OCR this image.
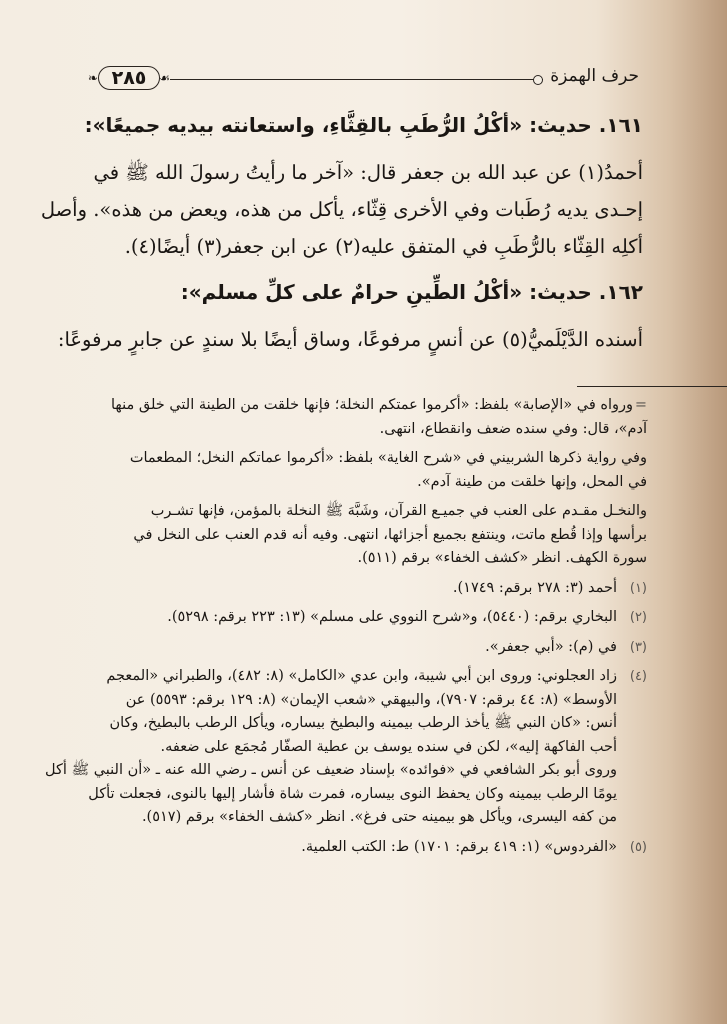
حرف الهمزة
❧	☙
٢٨٥
١٦١. حديث: «أكْلُ الرُّطَبِ بالقِثَّاءِ، واستعانته بيديه جميعًا»:

أحمدُ(١) عن عبد الله بن جعفر قال: «آخر ما رأيتُ رسولَ الله ﷺ في
إحـدى يديه رُطَبات وفي الأخرى قِثّاء، يأكل من هذه، ويعض من هذه». وأصل
أكلِه القِثّاء بالرُّطَبِ في المتفق عليه(٢) عن ابن جعفر(٣) أيضًا(٤).

١٦٢. حديث: «أكْلُ الطِّينِ حرامٌ على كلِّ مسلم»:

أسنده الدَّيْلَميُّ(٥) عن أنسٍ مرفوعًا، وساق أيضًا بلا سندٍ عن جابرٍ مرفوعًا:

=ورواه في «الإصابة» بلفظ: «أكرموا عمتكم النخلة؛ فإنها خلقت من الطينة التي خلق منها
آدم»، قال: وفي سنده ضعف وانقطاع، انتهى.
وفي رواية ذكرها الشربيني في «شرح الغاية» بلفظ: «أكرموا عماتكم النخل؛ المطعمات
في المحل، وإنها خلقت من طينة آدم».
والنخـل مقـدم على العنب في جميـع القرآن، وشَبَّهَ ﷺ النخلة بالمؤمن، فإنها تشـرب
برأسها وإذا قُطع ماتت، وينتفع بجميع أجزائها، انتهى. وفيه أنه قدم العنب على النخل في
سورة الكهف. انظر «كشف الخفاء» برقم (٥١١).
(١)
أحمد (٣: ٢٧٨ برقم: ١٧٤٩).
(٢)
البخاري برقم: (٥٤٤٠)، و«شرح النووي على مسلم» (١٣: ٢٢٣ برقم: ٥٢٩٨).
(٣)
في (م): «أبي جعفر».
(٤)
زاد العجلوني: وروى ابن أبي شيبة، وابن عدي «الكامل» (٨: ٤٨٢)، والطبراني «المعجم
الأوسط» (٨: ٤٤ برقم: ٧٩٠٧)، والبيهقي «شعب الإيمان» (٨: ١٢٩ برقم: ٥٥٩٣) عن
أنس: «كان النبي ﷺ يأخذ الرطب بيمينه والبطيخ بيساره، ويأكل الرطب بالبطيخ، وكان
أحب الفاكهة إليه»، لكن في سنده يوسف بن عطية الصفّار مُجمَع على ضعفه.
وروى أبو بكر الشافعي في «فوائده» بإسناد ضعيف عن أنس ـ رضي الله عنه ـ «أن النبي ﷺ أكل
يومًا الرطب بيمينه وكان يحفظ النوى بيساره، فمرت شاة فأشار إليها بالنوى، فجعلت تأكل
من كفه اليسرى، ويأكل هو بيمينه حتى فرغ». انظر «كشف الخفاء» برقم (٥١٧).
(٥)
«الفردوس» (١: ٤١٩ برقم: ١٧٠١) ط: الكتب العلمية.
